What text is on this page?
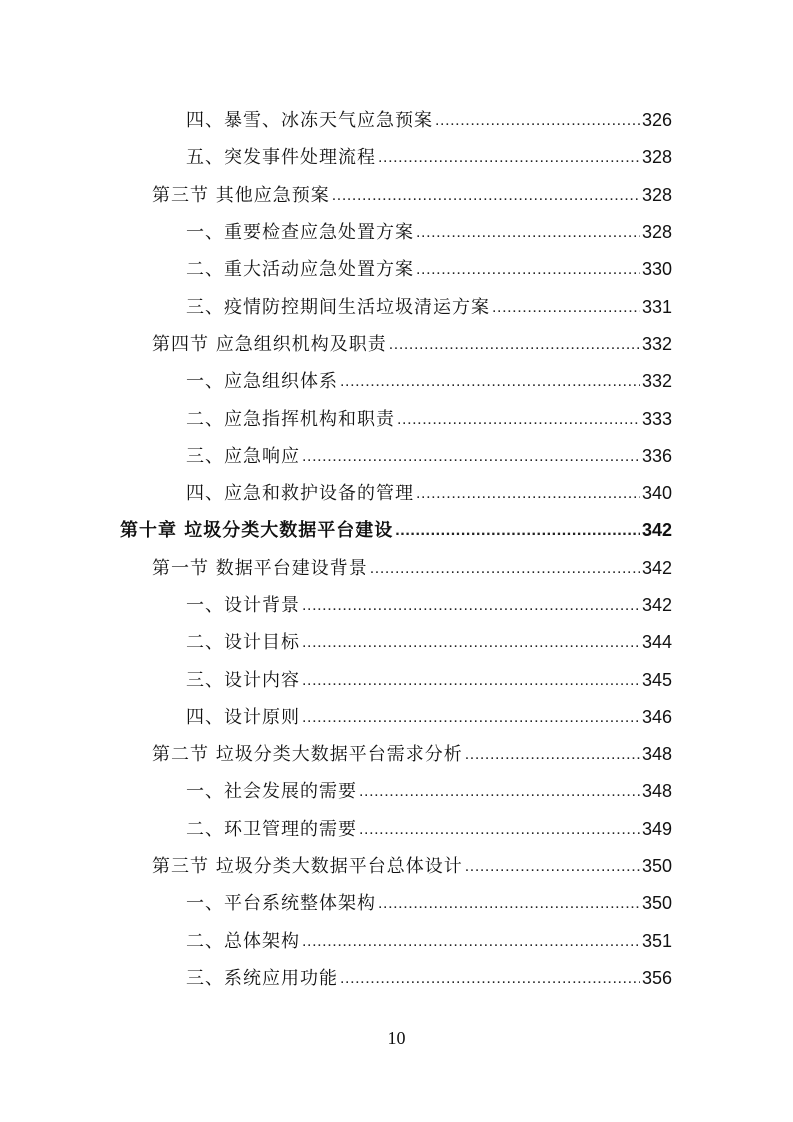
四、暴雪、冰冻天气应急预案 .....	326
五、突发事件处理流程 .....	328
第三节 其他应急预案 .....	328
一、重要检查应急处置方案 .....	328
二、重大活动应急处置方案 .....	330
三、疫情防控期间生活垃圾清运方案 .....	331
第四节 应急组织机构及职责 .....	332
一、应急组织体系 .....	332
二、应急指挥机构和职责 .....	333
三、应急响应 .....	336
四、应急和救护设备的管理 .....	340
第十章 垃圾分类大数据平台建设 .....	342
第一节 数据平台建设背景 .....	342
一、设计背景 .....	342
二、设计目标 .....	344
三、设计内容 .....	345
四、设计原则 .....	346
第二节 垃圾分类大数据平台需求分析 .....	348
一、社会发展的需要 .....	348
二、环卫管理的需要 .....	349
第三节 垃圾分类大数据平台总体设计 .....	350
一、平台系统整体架构 .....	350
二、总体架构 .....	351
三、系统应用功能 .....	356
10
